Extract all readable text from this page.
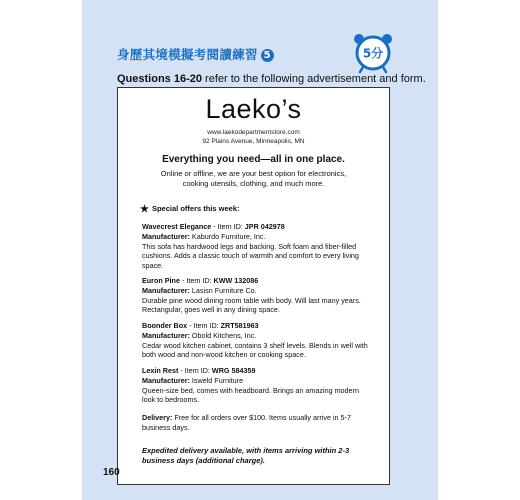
身歷其境模擬考閱讀練習 5	5分
Questions 16-20 refer to the following advertisement and form.
Laeko’s
www.laekodepartmentstore.com
92 Plains Avenue, Minneapolis, MN
Everything you need—all in one place.
Online or offline, we are your best option for electronics, cooking utensils, clothing, and much more.
★ Special offers this week:
Wavecrest Elegance - Item ID: JPR 042978
Manufacturer: Kaburdo Furniture, Inc.
This sofa has hardwood legs and backing. Soft foam and fiber-filled cushions. Adds a classic touch of warmth and comfort to every living space.
Euron Pine - Item ID: KWW 132086
Manufacturer: Lasisn Furniture Co.
Durable pine wood dining room table with body. Will last many years. Rectangular, goes well in any dining space.
Boonder Box - Item ID: ZRT581963
Manufacturer: Obold Kitchens, Inc.
Cedar wood kitchen cabinet, contains 3 shelf levels. Blends in well with both wood and non-wood kitchen or cooking space.
Lexin Rest - Item ID: WRG 584359
Manufacturer: Isweld Furniture
Queen-size bed, comes with headboard. Brings an amazing modern look to bedrooms.
Delivery: Free for all orders over $100. Items usually arrive in 5-7 business days.
Expedited delivery available, with items arriving within 2-3 business days (additional charge).
160
